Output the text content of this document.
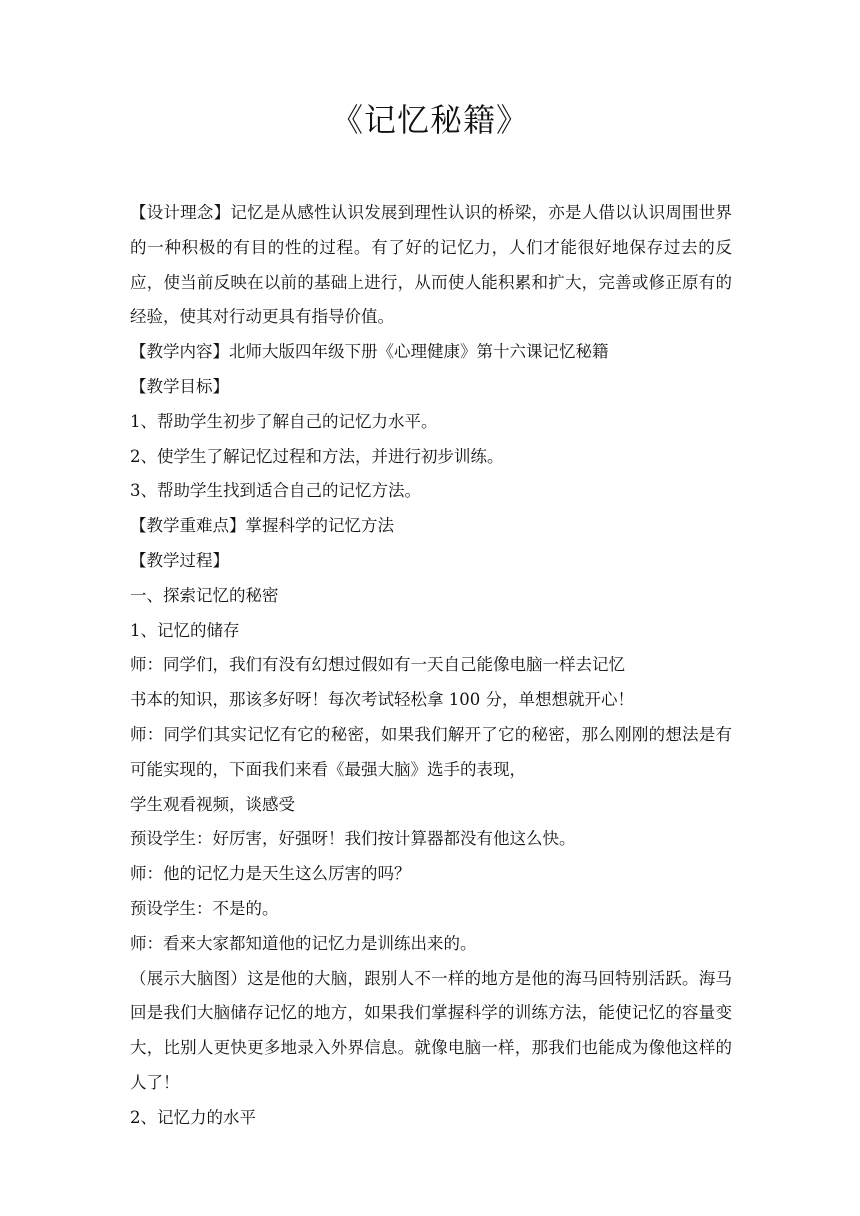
《记忆秘籍》

【设计理念】记忆是从感性认识发展到理性认识的桥梁，亦是人借以认识周围世界的一种积极的有目的性的过程。有了好的记忆力，人们才能很好地保存过去的反应，使当前反映在以前的基础上进行，从而使人能积累和扩大，完善或修正原有的经验，使其对行动更具有指导价值。

【教学内容】北师大版四年级下册《心理健康》第十六课记忆秘籍

【教学目标】

1、帮助学生初步了解自己的记忆力水平。

2、使学生了解记忆过程和方法，并进行初步训练。

3、帮助学生找到适合自己的记忆方法。

【教学重难点】掌握科学的记忆方法

【教学过程】

一、探索记忆的秘密

1、记忆的储存

师：同学们，我们有没有幻想过假如有一天自己能像电脑一样去记忆

书本的知识，那该多好呀！每次考试轻松拿 100 分，单想想就开心！

师：同学们其实记忆有它的秘密，如果我们解开了它的秘密，那么刚刚的想法是有可能实现的，下面我们来看《最强大脑》选手的表现，

学生观看视频，谈感受

预设学生：好厉害，好强呀！我们按计算器都没有他这么快。

师：他的记忆力是天生这么厉害的吗？

预设学生：不是的。

师：看来大家都知道他的记忆力是训练出来的。

（展示大脑图）这是他的大脑，跟别人不一样的地方是他的海马回特别活跃。海马回是我们大脑储存记忆的地方，如果我们掌握科学的训练方法，能使记忆的容量变大，比别人更快更多地录入外界信息。就像电脑一样，那我们也能成为像他这样的人了！

2、记忆力的水平
